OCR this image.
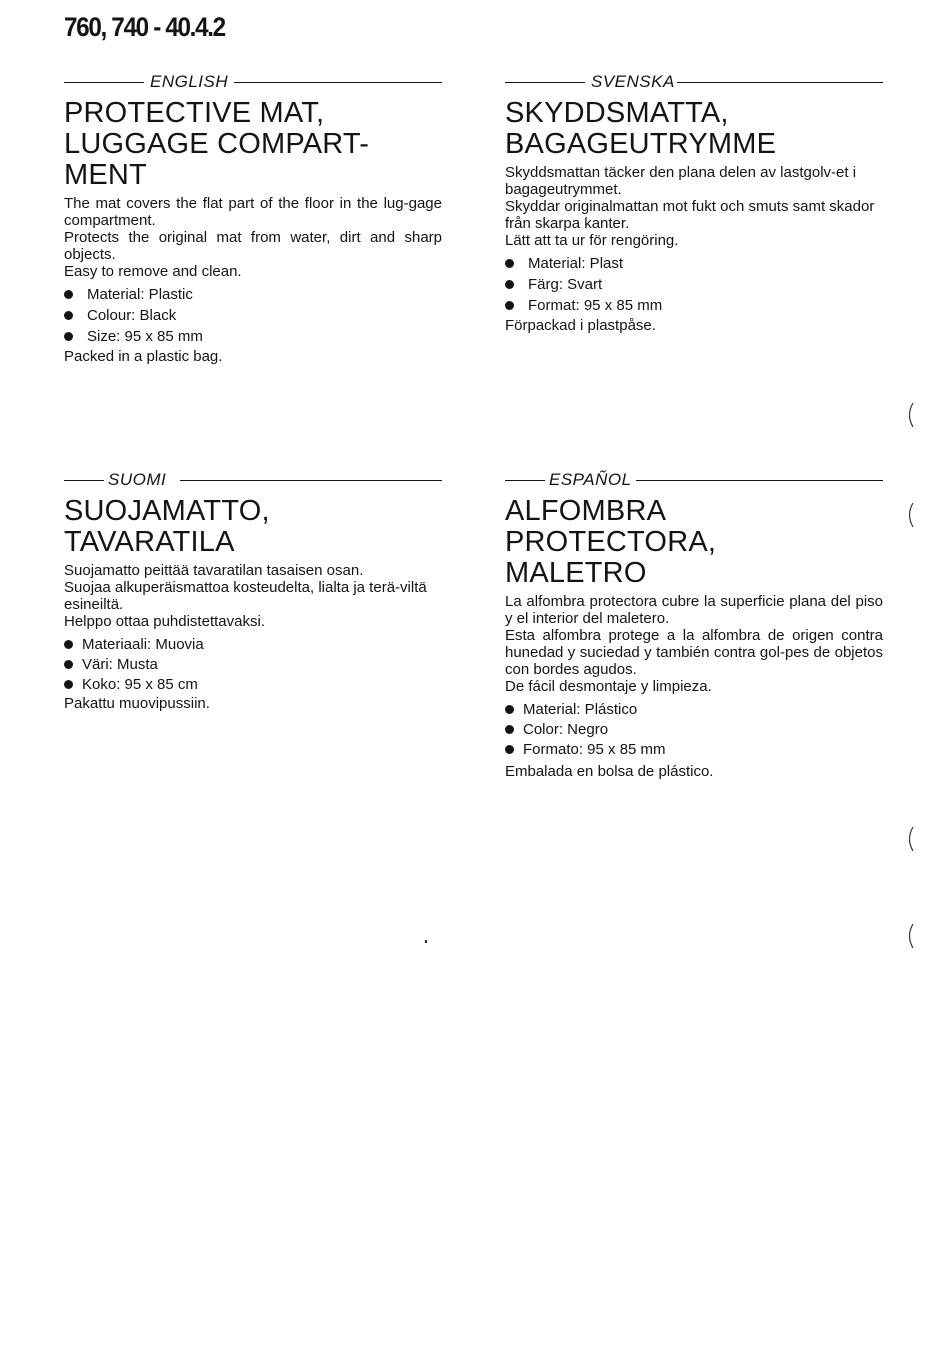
760, 740 - 40.4.2
ENGLISH
PROTECTIVE MAT,
LUGGAGE COMPART-
MENT

The mat covers the flat part of the floor in the lug-gage compartment.

Protects the original mat from water, dirt and sharp objects.

Easy to remove and clean.

Material: Plastic
Colour: Black
Size: 95 x 85 mm

Packed in a plastic bag.

SVENSKA
SKYDDSMATTA,
BAGAGEUTRYMME

Skyddsmattan täcker den plana delen av lastgolv-et i bagageutrymmet.

Skyddar originalmattan mot fukt och smuts samt skador från skarpa kanter.

Lätt att ta ur för rengöring.

Material: Plast
Färg: Svart
Format: 95 x 85 mm

Förpackad i plastpåse.

SUOMI
SUOJAMATTO,
TAVARATILA

Suojamatto peittää tavaratilan tasaisen osan.

Suojaa alkuperäismattoa kosteudelta, lialta ja terä-viltä esineiltä.

Helppo ottaa puhdistettavaksi.

Materiaali: Muovia
Väri: Musta
Koko: 95 x 85 cm

Pakattu muovipussiin.

ESPAÑOL
ALFOMBRA PROTECTORA,
MALETRO

La alfombra protectora cubre la superficie plana del piso y el interior del maletero.

Esta alfombra protege a la alfombra de origen contra hunedad y suciedad y también contra gol-pes de objetos con bordes agudos.

De fácil desmontaje y limpieza.

Material: Plástico
Color: Negro
Formato: 95 x 85 mm

Embalada en bolsa de plástico.
